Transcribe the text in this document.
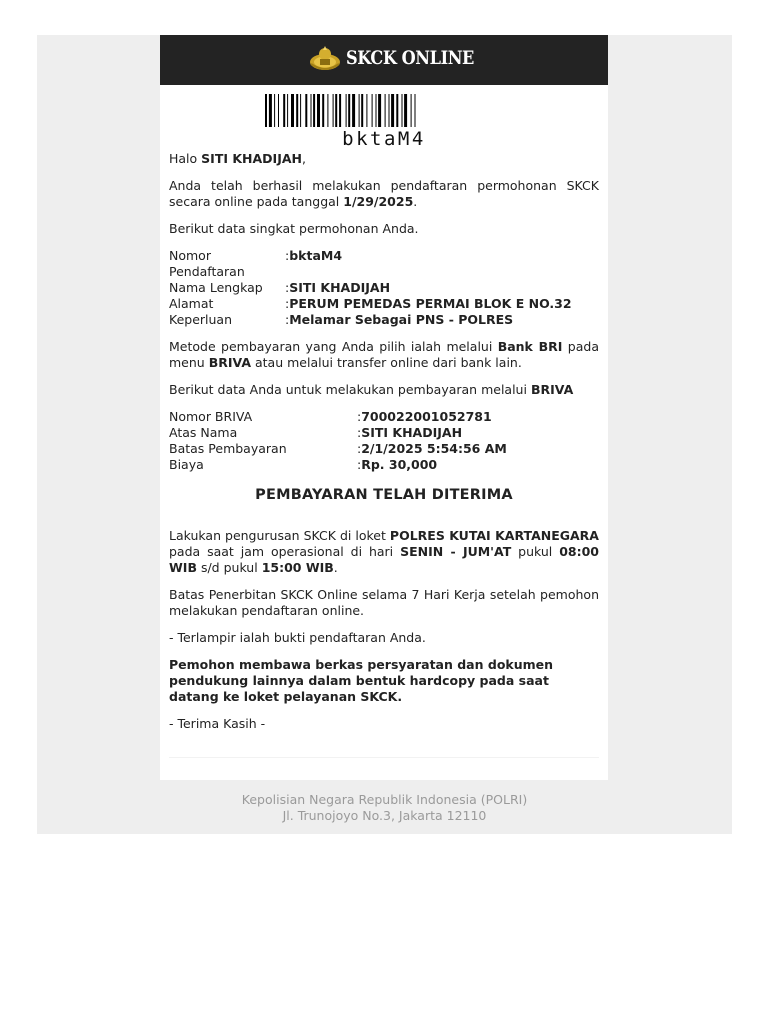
SKCK ONLINE
bktaM4

Halo SITI KHADIJAH,

Anda telah berhasil melakukan pendaftaran permohonan SKCK secara online pada tanggal 1/29/2025.

Berikut data singkat permohonan Anda.

Nomor Pendaftaran	:	bktaM4
Nama Lengkap	:	SITI KHADIJAH
Alamat	:	PERUM PEMEDAS PERMAI BLOK E NO.32
Keperluan	:	Melamar Sebagai PNS - POLRES

Metode pembayaran yang Anda pilih ialah melalui Bank BRI pada menu BRIVA atau melalui transfer online dari bank lain.

Berikut data Anda untuk melakukan pembayaran melalui BRIVA

Nomor BRIVA	:	700022001052781
Atas Nama	:	SITI KHADIJAH
Batas Pembayaran	:	2/1/2025 5:54:56 AM
Biaya	:	Rp. 30,000
PEMBAYARAN TELAH DITERIMA

Lakukan pengurusan SKCK di loket POLRES KUTAI KARTANEGARA pada saat jam operasional di hari SENIN - JUM'AT pukul 08:00 WIB s/d pukul 15:00 WIB.

Batas Penerbitan SKCK Online selama 7 Hari Kerja setelah pemohon melakukan pendaftaran online.

- Terlampir ialah bukti pendaftaran Anda.

Pemohon membawa berkas persyaratan dan dokumen pendukung lainnya dalam bentuk hardcopy pada saat datang ke loket pelayanan SKCK.

- Terima Kasih -

Kepolisian Negara Republik Indonesia (POLRI)
Jl. Trunojoyo No.3, Jakarta 12110
